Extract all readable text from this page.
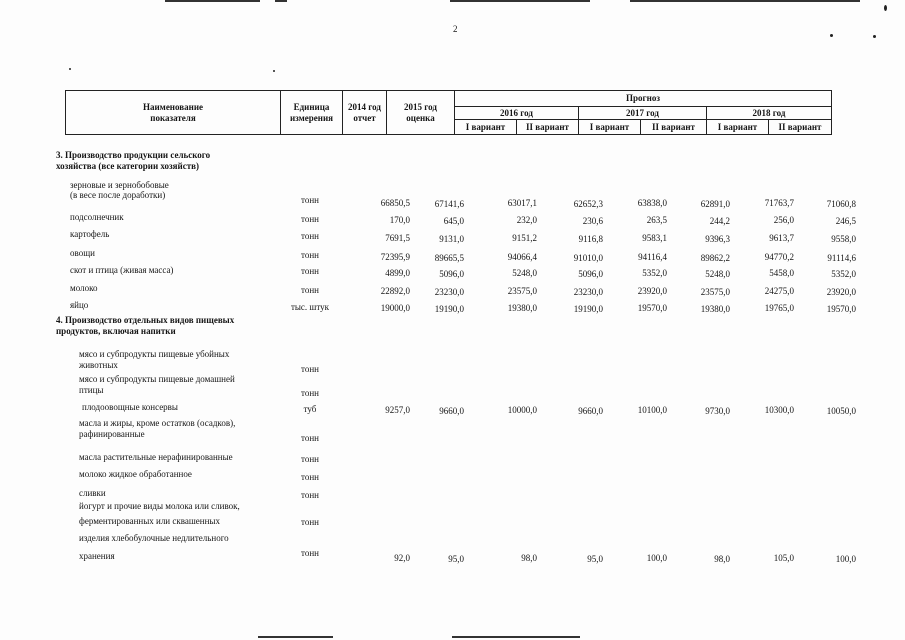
2
Наименование показателя	Единица измерения	2014 год отчет	2015 год оценка	Прогноз					
				2016 год		2017 год		2018 год	
				I вариант	II вариант	I вариант	II вариант	I вариант	II вариант
3. Производство продукции сельского
хозяйства (все категории хозяйств)
зерновые и зернобобовые
(в весе после доработки)	тонн	66850,5	67141,6	63017,1	62652,3	63838,0	62891,0	71763,7	71060,8
подсолнечник	тонн	170,0	645,0	232,0	230,6	263,5	244,2	256,0	246,5
картофель	тонн	7691,5	9131,0	9151,2	9116,8	9583,1	9396,3	9613,7	9558,0
овощи	тонн	72395,9	89665,5	94066,4	91010,0	94116,4	89862,2	94770,2	91114,6
скот и птица (живая масса)	тонн	4899,0	5096,0	5248,0	5096,0	5352,0	5248,0	5458,0	5352,0
молоко	тонн	22892,0	23230,0	23575,0	23230,0	23920,0	23575,0	24275,0	23920,0
яйцо	тыс. штук	19000,0	19190,0	19380,0	19190,0	19570,0	19380,0	19765,0	19570,0
4. Производство отдельных видов пищевых
продуктов, включая напитки
мясо и субпродукты пищевые убойных
животных	тонн
мясо и субпродукты пищевые домашней
птицы	тонн
плодоовощные консервы	туб	9257,0	9660,0	10000,0	9660,0	10100,0	9730,0	10300,0	10050,0
масла и жиры, кроме остатков (осадков),
рафинированные	тонн
масла растительные нерафинированные	тонн
молоко жидкое обработанное	тонн
сливки	тонн
йогурт и прочие виды молока или сливок,
ферментированных или сквашенных	тонн
изделия хлебобулочные недлительного
хранения	тонн	92,0	95,0	98,0	95,0	100,0	98,0	105,0	100,0
